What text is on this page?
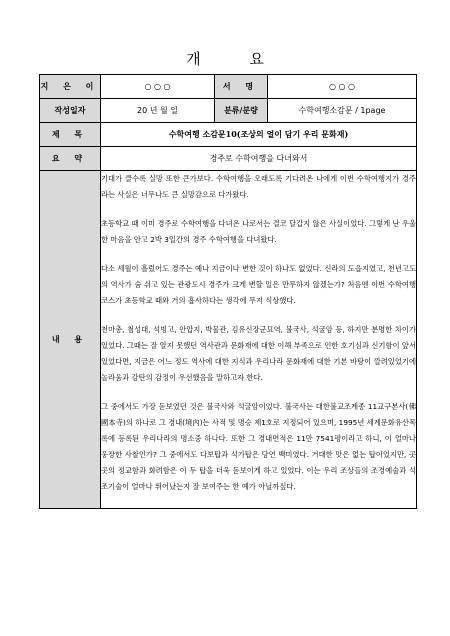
개 요
지 은 이	○ ○ ○	서 명	○ ○ ○
작성일자	20 년 월 일	분류/분량	수학여행소감문 / 1page
제 목	수학여행 소감문10(조상의 얼이 담기 우리 문화재)		
요 약	경주로 수학여행을 다녀와서		
내 용	기대가 클수록 실망 또한 큰가보다. 수학여행을 오래도록 기다려온 나에게 이번 수학여행지가 경주라는 사실은 너무나도 큰 실망감으로 다가왔다.

초등학교 때 이미 경주로 수학여행을 다녀온 나로서는 결코 달갑지 않은 사실이었다. 그렇게 난 우울한 마음을 안고 2박 3일간의 경주 수학여행을 다녀왔다.

다소 세월이 흘렀어도 경주는 예나 지금이나 변한 것이 하나도 없었다. 신라의 도읍지였고, 천년고도의 역사가 숨 쉬고 있는 관광도시 경주가 크게 변할 일은 만무하지 않겠는가? 처음엔 이번 수학여행 코스가 초등학교 때와 거의 흡사하다는 생각에 무지 식상했다.

천마총, 첨성대, 석빙고, 안압지, 박물관, 김유신장군묘역, 불국사, 석굴암 등, 하지만 분명한 차이가 있었다. 그때는 잘 알지 못했던 역사관과 문화재에 대한 이해 부족으로 인한 호기심과 신기함이 앞서있었다면, 지금은 어느 정도 역사에 대한 지식과 우리나라 문화재에 대한 기본 바탕이 깔려있었기에 놀라움과 감탄의 감정이 우선했음을 말하고자 한다.

그 중에서도 가장 돋보였던 것은 불국사와 석굴암이었다. 불국사는 대한불교조계종 11교구본사(佛國本寺)의 하나로 그 경내(境內)는 사적 및 명승 제1호로 지정되어 있으며, 1995년 세계문화유산목록에 등록된 우리나라의 명소중 하나다. 또한 그 경내면적은 11만 7541평이라고 하니, 이 얼마나 웅장한 사찰인가? 그 중에서도 다보탑과 석가탑은 당연 백미였다. 거대한 맛은 없는 탑이었지만, 곳곳의 정교함과 화려함은 이 두 탑을 더욱 돋보이게 하고 있었다. 이는 우리 조상들의 조경예술과 석조기술이 얼마나 뛰어났는지 잘 보여주는 한 예가 아닐까싶다.		
